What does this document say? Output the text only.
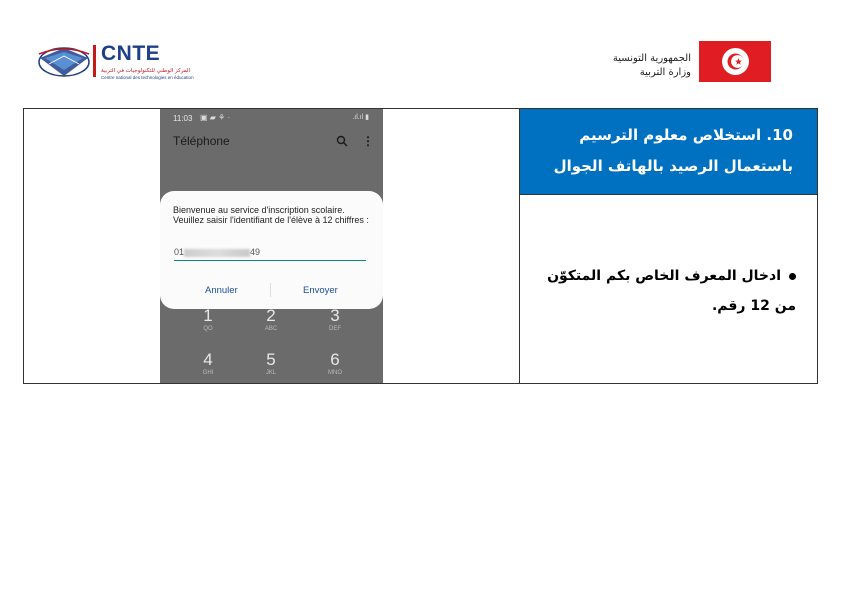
CNTE
المركز الوطني للتكنولوجيات في التربية
Centre national des technologies en éducation
الجمهورية التونسية
وزارة التربية
10. استخلاص معلوم الترسيم باستعمال الرصيد بالهاتف الجوال
ادخال المعرف الخاص بكم المتكوّن من 12 رقم.
11:03 ▣ ▰ ⚘ ·	.ıl.ıl ▮
Téléphone	⋮
Bienvenue au service d'inscription scolaire. Veuillez saisir l'identifiant de l'élève à 12 chiffres :
01	49
Annuler	Envoyer
1
QO
2
ABC
3
DEF
4
GHI
5
JKL
6
MNO
